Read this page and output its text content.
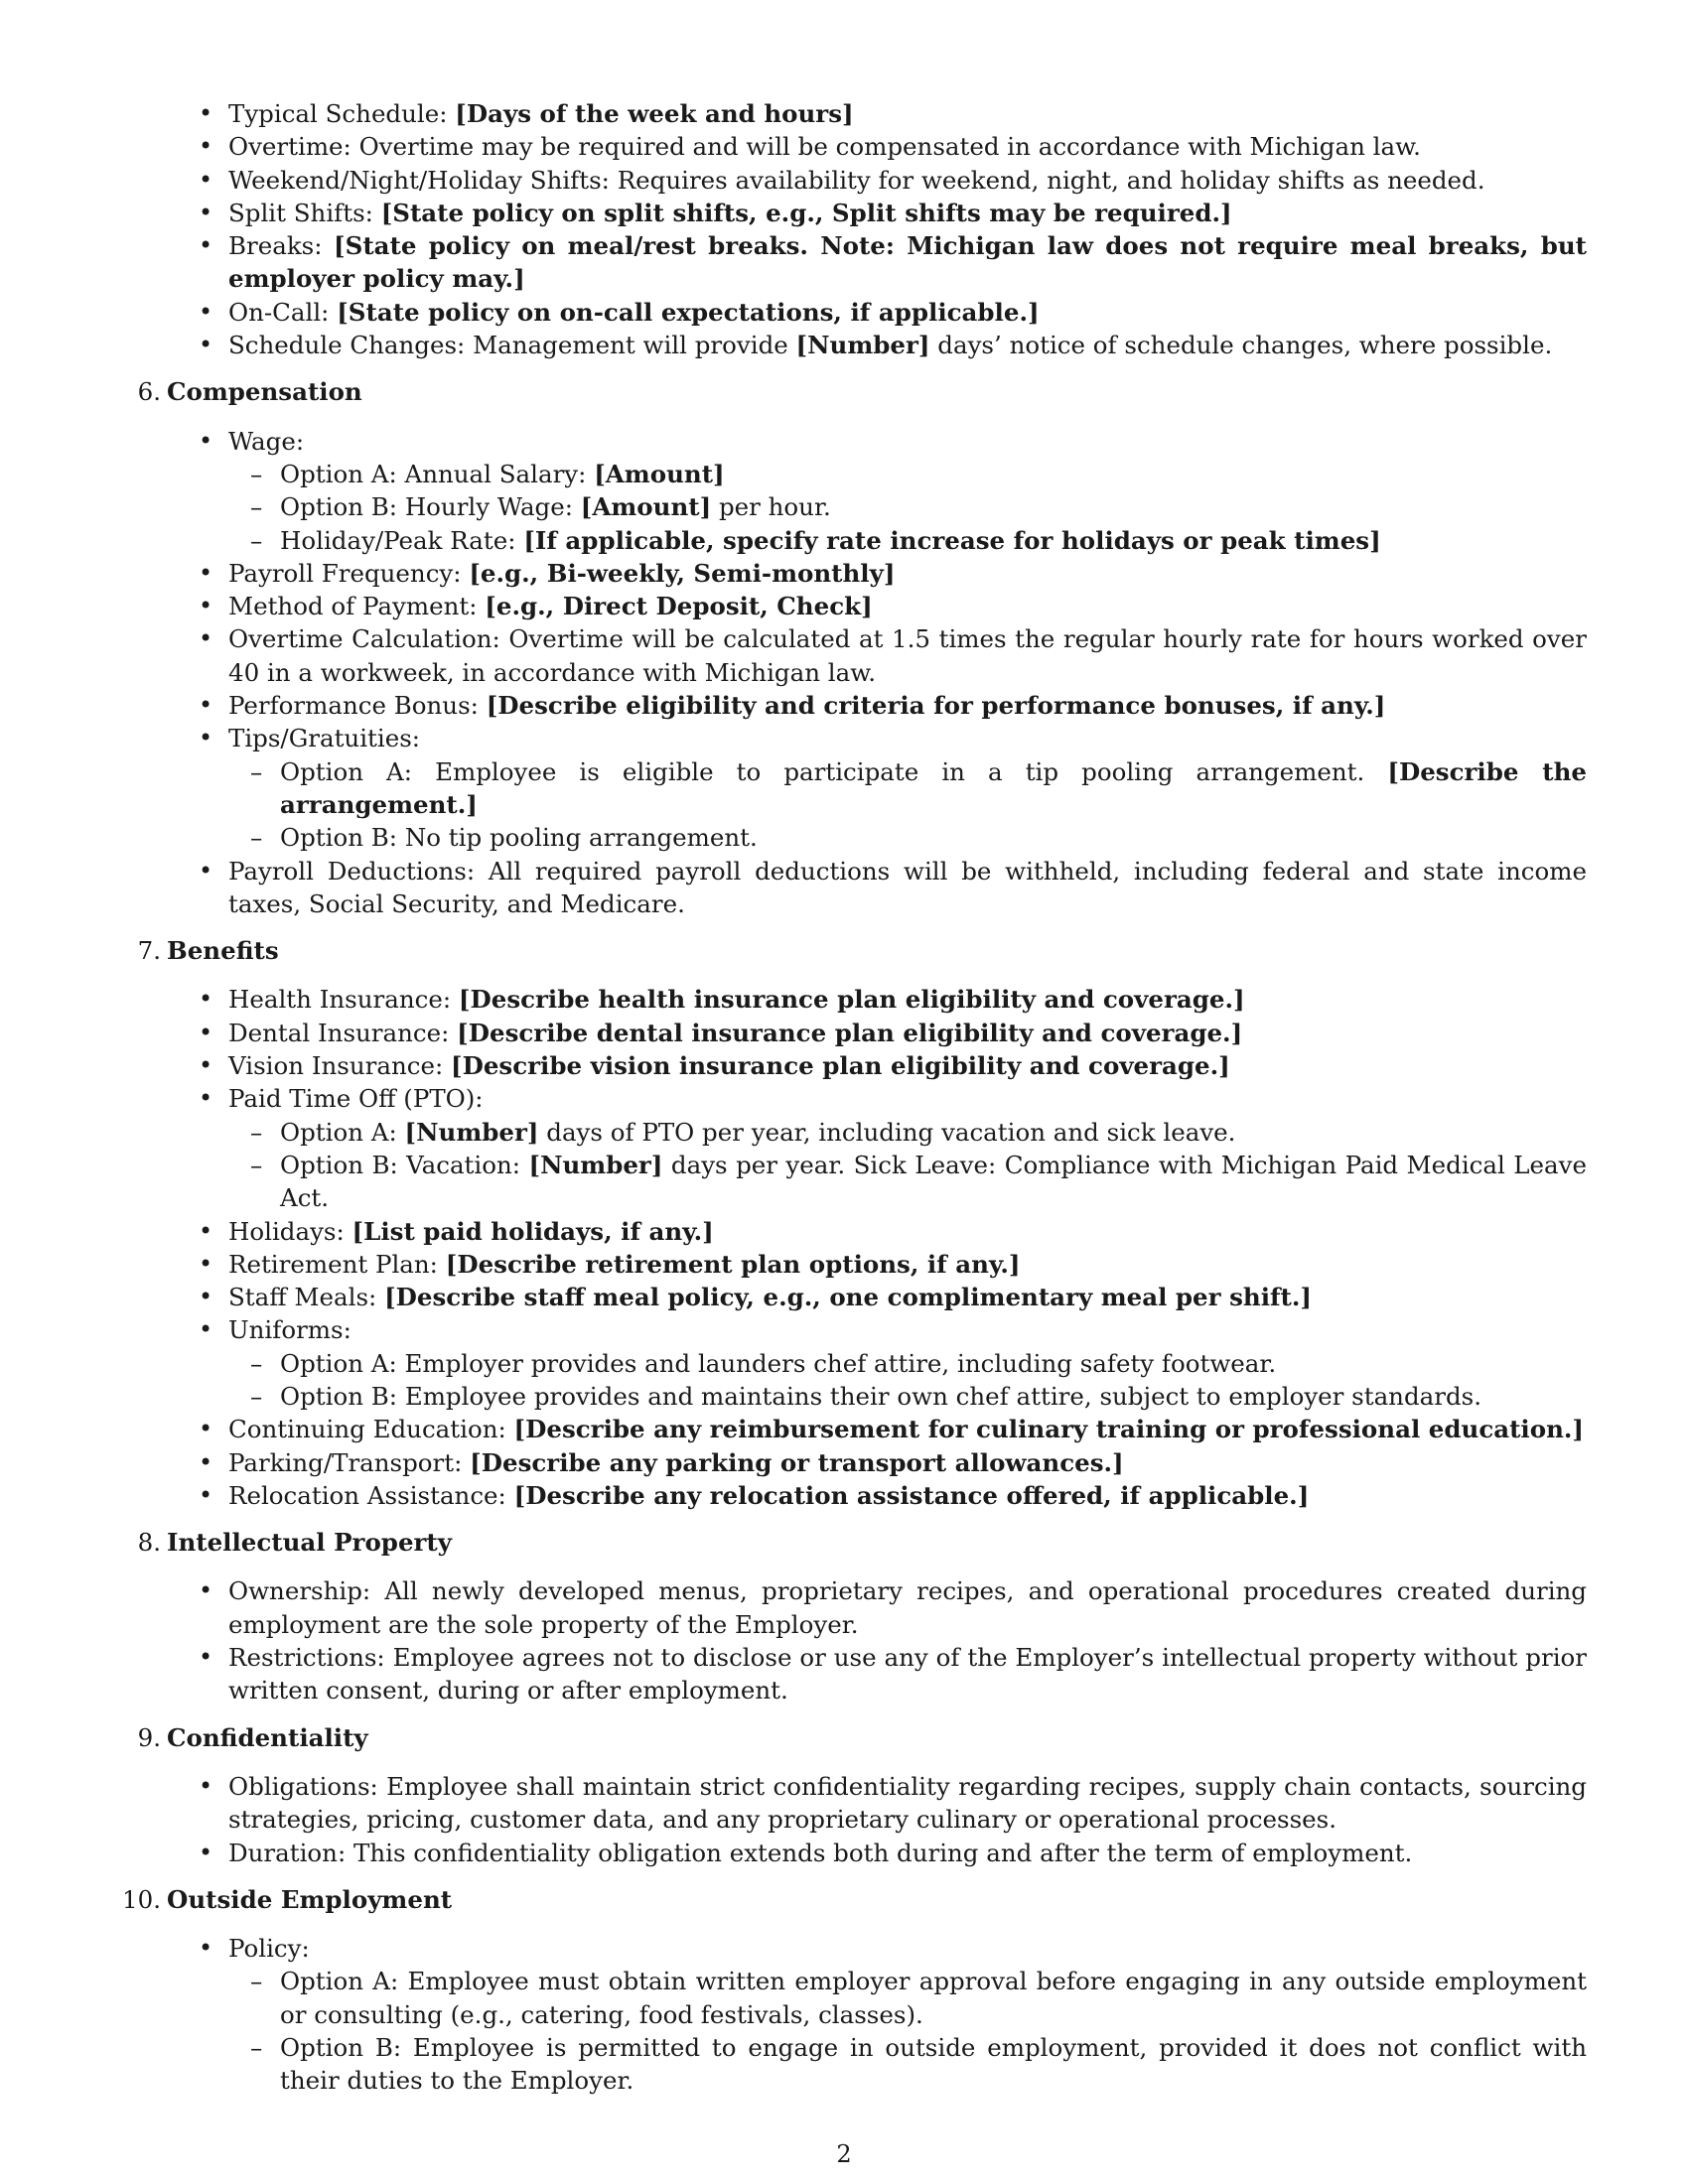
• Typical Schedule: [Days of the week and hours]
• Overtime: Overtime may be required and will be compensated in accordance with Michigan law.
• Weekend/Night/Holiday Shifts: Requires availability for weekend, night, and holiday shifts as needed.
• Split Shifts: [State policy on split shifts, e.g., Split shifts may be required.]
• Breaks: [State policy on meal/rest breaks. Note: Michigan law does not require meal breaks, but employer policy may.]
• On-Call: [State policy on on-call expectations, if applicable.]
• Schedule Changes: Management will provide [Number] days’ notice of schedule changes, where possible.
6. Compensation
• Wage:
– Option A: Annual Salary: [Amount]
– Option B: Hourly Wage: [Amount] per hour.
– Holiday/Peak Rate: [If applicable, specify rate increase for holidays or peak times]
• Payroll Frequency: [e.g., Bi-weekly, Semi-monthly]
• Method of Payment: [e.g., Direct Deposit, Check]
• Overtime Calculation: Overtime will be calculated at 1.5 times the regular hourly rate for hours worked over 40 in a workweek, in accordance with Michigan law.
• Performance Bonus: [Describe eligibility and criteria for performance bonuses, if any.]
• Tips/Gratuities:
– Option A: Employee is eligible to participate in a tip pooling arrangement. [Describe the arrangement.]
– Option B: No tip pooling arrangement.
• Payroll Deductions: All required payroll deductions will be withheld, including federal and state income taxes, Social Security, and Medicare.
7. Benefits
• Health Insurance: [Describe health insurance plan eligibility and coverage.]
• Dental Insurance: [Describe dental insurance plan eligibility and coverage.]
• Vision Insurance: [Describe vision insurance plan eligibility and coverage.]
• Paid Time Off (PTO):
– Option A: [Number] days of PTO per year, including vacation and sick leave.
– Option B: Vacation: [Number] days per year. Sick Leave: Compliance with Michigan Paid Medical Leave Act.
• Holidays: [List paid holidays, if any.]
• Retirement Plan: [Describe retirement plan options, if any.]
• Staff Meals: [Describe staff meal policy, e.g., one complimentary meal per shift.]
• Uniforms:
– Option A: Employer provides and launders chef attire, including safety footwear.
– Option B: Employee provides and maintains their own chef attire, subject to employer standards.
• Continuing Education: [Describe any reimbursement for culinary training or professional education.]
• Parking/Transport: [Describe any parking or transport allowances.]
• Relocation Assistance: [Describe any relocation assistance offered, if applicable.]
8. Intellectual Property
• Ownership: All newly developed menus, proprietary recipes, and operational procedures created during employment are the sole property of the Employer.
• Restrictions: Employee agrees not to disclose or use any of the Employer’s intellectual property without prior written consent, during or after employment.
9. Confidentiality
• Obligations: Employee shall maintain strict confidentiality regarding recipes, supply chain contacts, sourcing strategies, pricing, customer data, and any proprietary culinary or operational processes.
• Duration: This confidentiality obligation extends both during and after the term of employment.
10. Outside Employment
• Policy:
– Option A: Employee must obtain written employer approval before engaging in any outside employment or consulting (e.g., catering, food festivals, classes).
– Option B: Employee is permitted to engage in outside employment, provided it does not conflict with their duties to the Employer.
2
